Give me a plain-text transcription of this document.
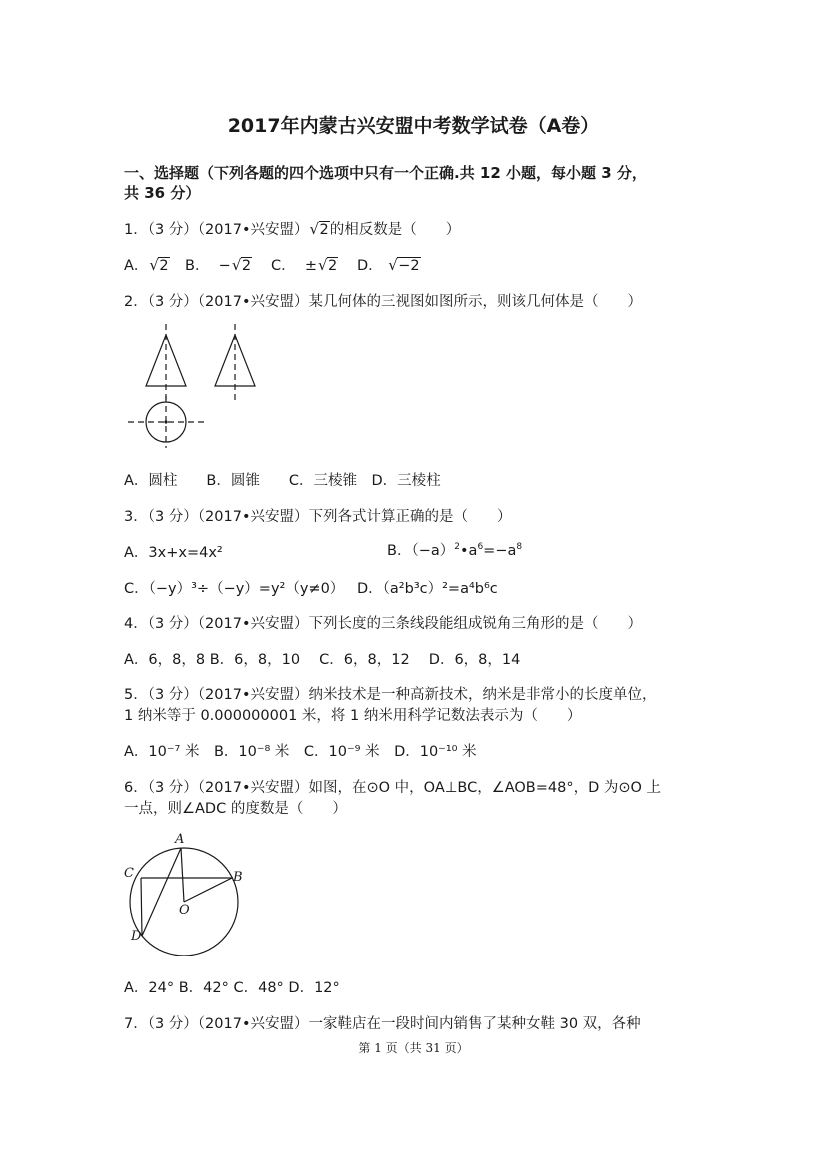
2017年内蒙古兴安盟中考数学试卷（A卷）
一、选择题（下列各题的四个选项中只有一个正确.共 12 小题，每小题 3 分，
共 36 分）
1．（3 分）（2017•兴安盟） √ 2的相反数是（　　）
A． √ 2 B． − √ 2 C． ± √ 2 D． √ −2
2．（3 分）（2017•兴安盟）某几何体的三视图如图所示，则该几何体是（　　）
A．圆柱　　B．圆锥　　C．三棱锥　D．三棱柱
3．（3 分）（2017•兴安盟）下列各式计算正确的是（　　）
A．3x+x=4x²	B．$(-a)^2•a^6=-a^8$
C．（−y）³÷（−y）=y²（y≠0） D．（a²b³c）²=a⁴b⁶c
4．（3 分）（2017•兴安盟）下列长度的三条线段能组成锐角三角形的是（　　）
A．6，8，8 B．6，8，10　 C．6，8，12　 D．6，8，14
5．（3 分）（2017•兴安盟）纳米技术是一种高新技术，纳米是非常小的长度单位，
1 纳米等于 0.000000001 米，将 1 纳米用科学记数法表示为（　　）
A．10⁻⁷ 米　B．10⁻⁸ 米　C．10⁻⁹ 米　D．10⁻¹⁰ 米
6．（3 分）（2017•兴安盟）如图，在⊙O 中，OA⊥BC，∠AOB=48°，D 为⊙O 上
一点，则∠ADC 的度数是（　　）
A
C	B
O
D
A．24° B．42° C．48° D．12°
7．（3 分）（2017•兴安盟）一家鞋店在一段时间内销售了某种女鞋 30 双，各种
第 1 页（共 31 页）
